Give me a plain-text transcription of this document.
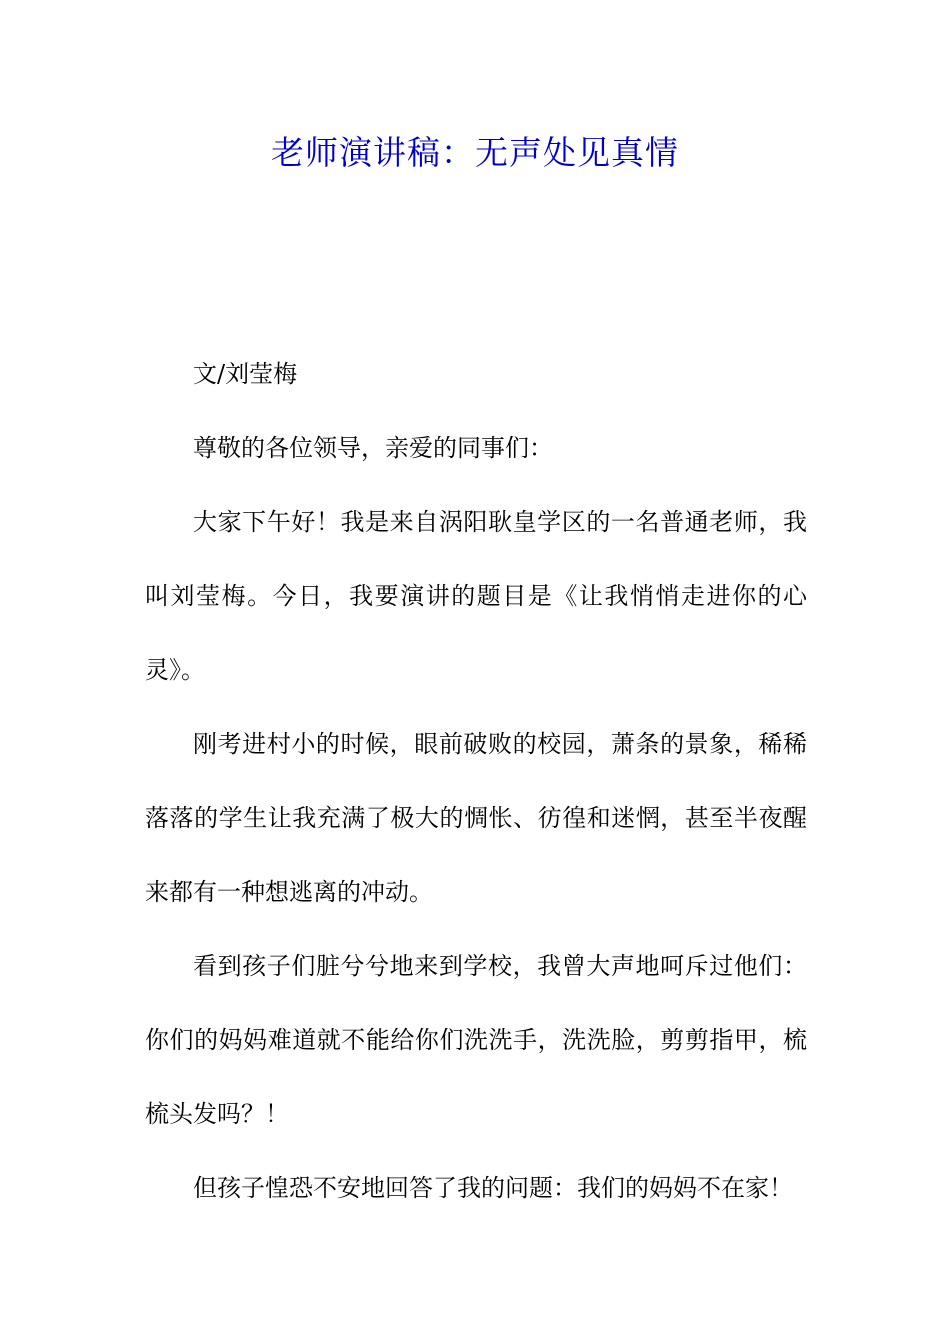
老师演讲稿：无声处见真情

文/刘莹梅

尊敬的各位领导，亲爱的同事们：

大家下午好！我是来自涡阳耿皇学区的一名普通老师，我叫刘莹梅。今日，我要演讲的题目是《让我悄悄走进你的心灵》。

刚考进村小的时候，眼前破败的校园，萧条的景象，稀稀落落的学生让我充满了极大的惆怅、彷徨和迷惘，甚至半夜醒来都有一种想逃离的冲动。

看到孩子们脏兮兮地来到学校，我曾大声地呵斥过他们：你们的妈妈难道就不能给你们洗洗手，洗洗脸，剪剪指甲，梳梳头发吗？！

但孩子惶恐不安地回答了我的问题：我们的妈妈不在家！
